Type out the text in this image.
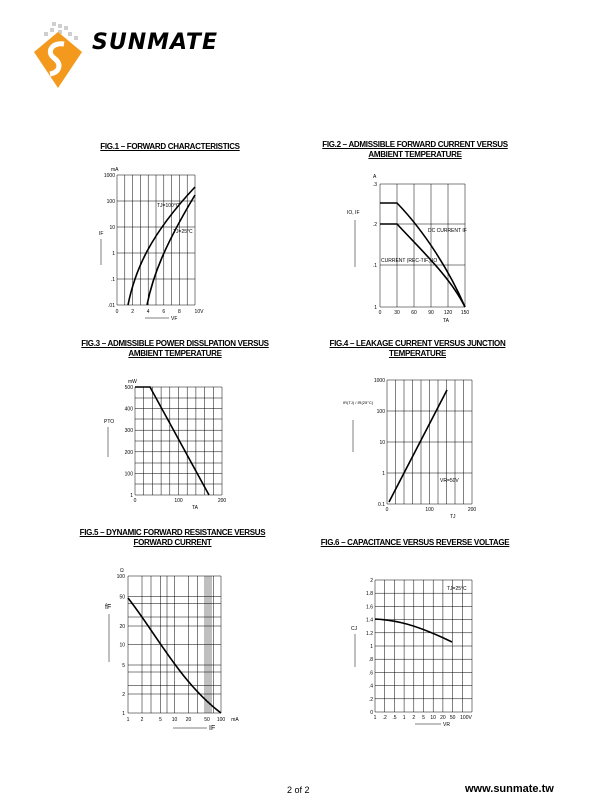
SUNMATE
FIG.1 – FORWARD CHARACTERISTICS
mA
1000
100
10
1
.1
.01
0	2	4	6	8	10V
IF
VF
TJ=100°C
TJ=25°C
FIG.2 – ADMISSIBLE FORWARD CURRENT VERSUS
AMBIENT TEMPERATURE
A
.3
.2
.1
1
0	30 60 90 120 150
IO, IF
TA
DC CURRENT IF
CURRENT (REC-TIF.) IO
FIG.3 – ADMISSIBLE POWER DISSLPATION VERSUS
AMBIENT TEMPERATURE
mW
500
400
300
200
100
1
0	100	200
PTO
TA
FIG.4 – LEAKAGE CURRENT VERSUS JUNCTION
TEMPERATURE
1000
100
10
1
0.1
0	100	200
IR(TJ) / IR(25°C)
TJ
VR=50V
FIG.5 – DYNAMIC FORWARD RESISTANCE VERSUS
FORWARD CURRENT
Ω
100
50
20
10
5
2
1
1 2	5 10 20	50 100 mA
fF
IF
FIG.6 – CAPACITANCE VERSUS REVERSE VOLTAGE
2
1.8
1.6
1.4
1.2
1
.8
.6
.4
.2
0
1 .2 .5 1 2 5 10 20 50 100V
CJ
VR
TJ=25°C
2 of 2	www.sunmate.tw
